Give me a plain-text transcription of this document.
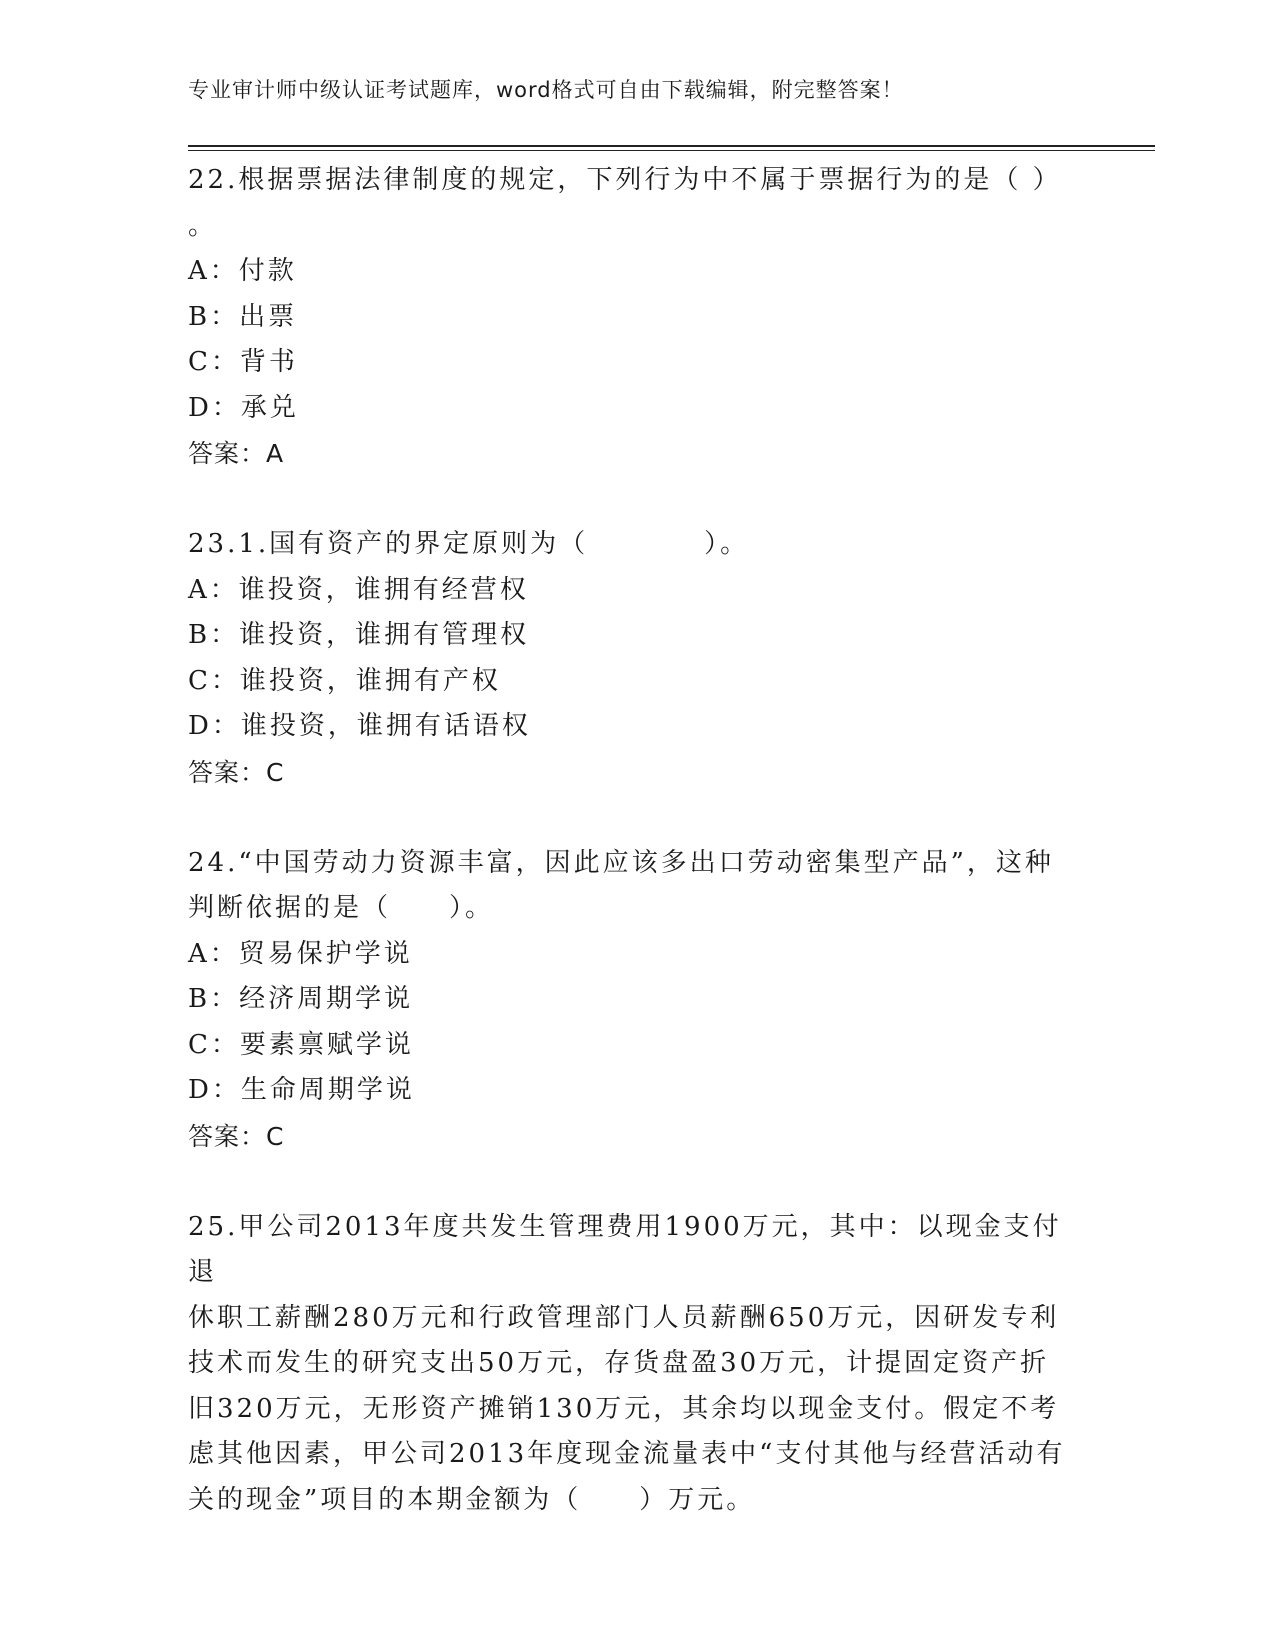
专业审计师中级认证考试题库，word格式可自由下载编辑，附完整答案！

22.根据票据法律制度的规定，下列行为中不属于票据行为的是（ ）

。

A：付款

B：出票

C：背书

D：承兑

答案：A

23.1.国有资产的界定原则为（　　　　）。

A：谁投资，谁拥有经营权

B：谁投资，谁拥有管理权

C：谁投资，谁拥有产权

D：谁投资，谁拥有话语权

答案：C

24.“中国劳动力资源丰富，因此应该多出口劳动密集型产品”，这种

判断依据的是（　　）。

A：贸易保护学说

B：经济周期学说

C：要素禀赋学说

D：生命周期学说

答案：C

25.甲公司2013年度共发生管理费用1900万元，其中：以现金支付退

休职工薪酬280万元和行政管理部门人员薪酬650万元，因研发专利

技术而发生的研究支出50万元，存货盘盈30万元，计提固定资产折

旧320万元，无形资产摊销130万元，其余均以现金支付。假定不考

虑其他因素，甲公司2013年度现金流量表中“支付其他与经营活动有

关的现金”项目的本期金额为（　　）万元。
